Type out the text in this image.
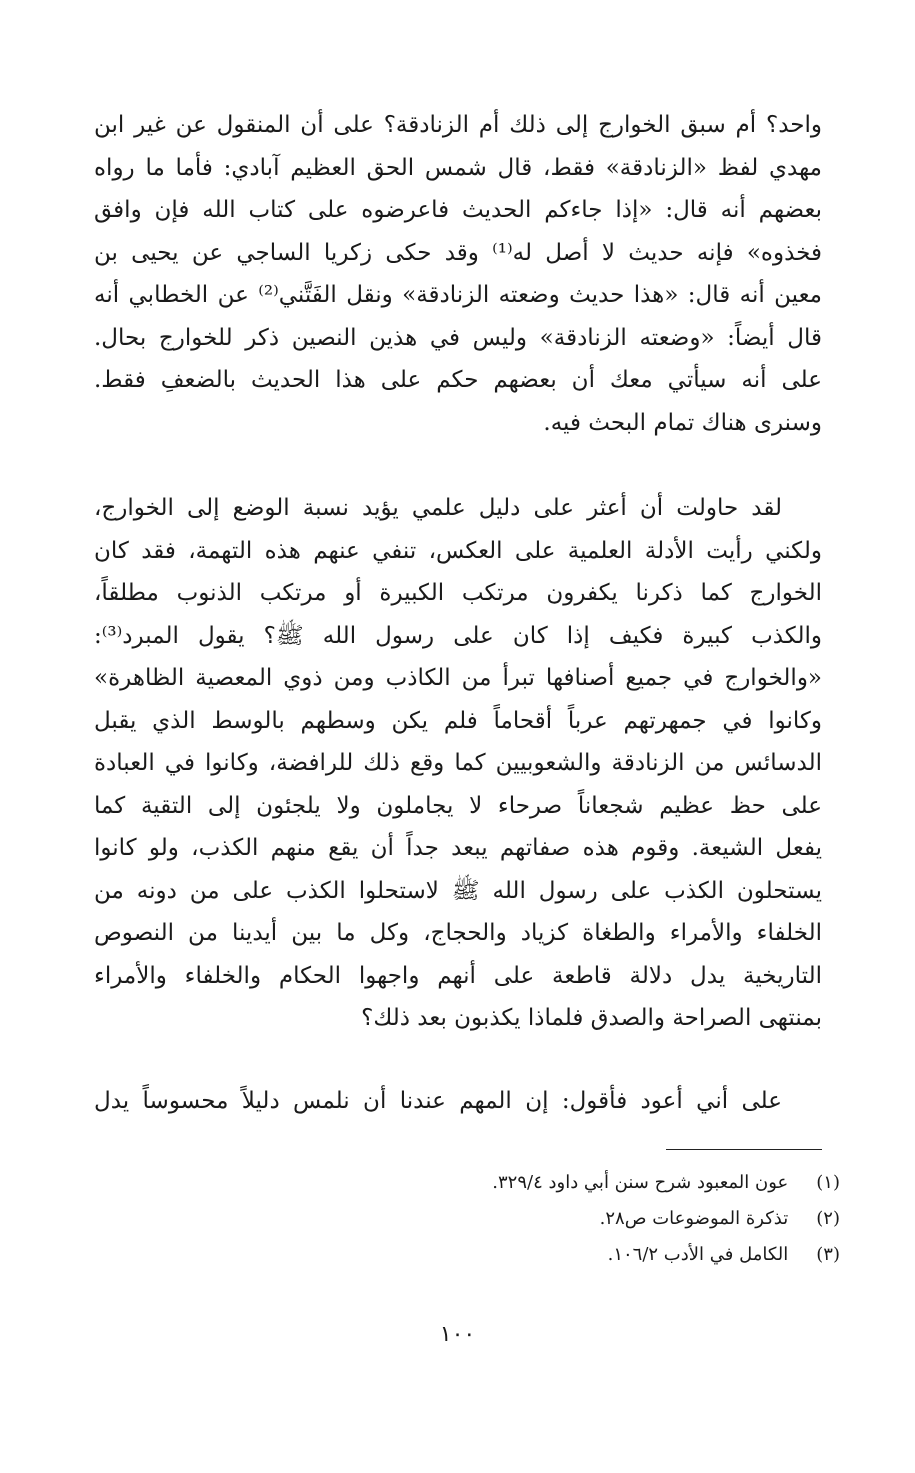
واحد؟ أم سبق الخوارج إلى ذلك أم الزنادقة؟ على أن المنقول عن غير ابن
مهدي لفظ «الزنادقة» فقط، قال شمس الحق العظيم آبادي: فأما ما رواه
بعضهم أنه قال: «إذا جاءكم الحديث فاعرضوه على كتاب الله فإن وافق
فخذوه» فإنه حديث لا أصل له⁽¹⁾ وقد حكى زكريا الساجي عن يحيى بن
معين أنه قال: «هذا حديث وضعته الزنادقة» ونقل الفَتَّني⁽²⁾ عن الخطابي أنه
قال أيضاً: «وضعته الزنادقة» وليس في هذين النصين ذكر للخوارج بحال.
على أنه سيأتي معك أن بعضهم حكم على هذا الحديث بالضعفِ فقط.
وسنرى هناك تمام البحث فيه.
لقد حاولت أن أعثر على دليل علمي يؤيد نسبة الوضع إلى الخوارج،
ولكني رأيت الأدلة العلمية على العكس، تنفي عنهم هذه التهمة، فقد كان
الخوارج كما ذكرنا يكفرون مرتكب الكبيرة أو مرتكب الذنوب مطلقاً،
والكذب كبيرة فكيف إذا كان على رسول الله ﷺ؟ يقول المبرد⁽³⁾:
«والخوارج في جميع أصنافها تبرأ من الكاذب ومن ذوي المعصية الظاهرة»
وكانوا في جمهرتهم عرباً أقحاماً فلم يكن وسطهم بالوسط الذي يقبل
الدسائس من الزنادقة والشعوبيين كما وقع ذلك للرافضة، وكانوا في العبادة
على حظ عظيم شجعاناً صرحاء لا يجاملون ولا يلجئون إلى التقية كما
يفعل الشيعة. وقوم هذه صفاتهم يبعد جداً أن يقع منهم الكذب، ولو كانوا
يستحلون الكذب على رسول الله ﷺ لاستحلوا الكذب على من دونه من
الخلفاء والأمراء والطغاة كزياد والحجاج، وكل ما بين أيدينا من النصوص
التاريخية يدل دلالة قاطعة على أنهم واجهوا الحكام والخلفاء والأمراء
بمنتهى الصراحة والصدق فلماذا يكذبون بعد ذلك؟
على أني أعود فأقول: إن المهم عندنا أن نلمس دليلاً محسوساً يدل
(١) عون المعبود شرح سنن أبي داود ٣٢٩/٤.
(٢) تذكرة الموضوعات ص٢٨.
(٣) الكامل في الأدب ١٠٦/٢.
١٠٠
